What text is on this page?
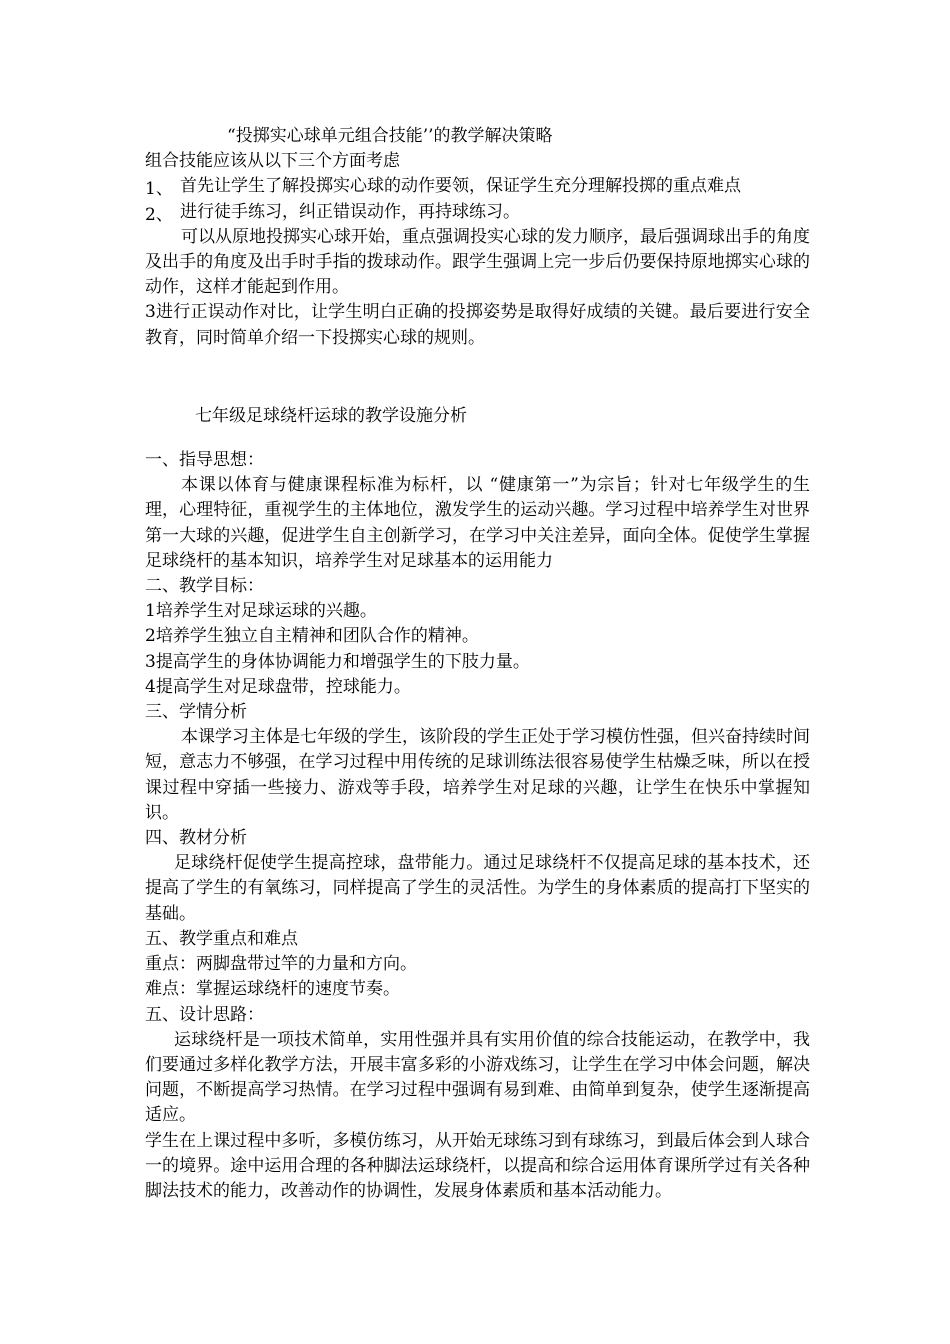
“投掷实心球单元组合技能’’的教学解决策略

组合技能应该从以下三个方面考虑

1、 首先让学生了解投掷实心球的动作要领，保证学生充分理解投掷的重点难点

2、 进行徒手练习，纠正错误动作，再持球练习。

可以从原地投掷实心球开始，重点强调投实心球的发力顺序，最后强调球出手的角度及出手的角度及出手时手指的拨球动作。跟学生强调上完一步后仍要保持原地掷实心球的动作，这样才能起到作用。

3进行正误动作对比，让学生明白正确的投掷姿势是取得好成绩的关键。最后要进行安全教育，同时简单介绍一下投掷实心球的规则。

七年级足球绕杆运球的教学设施分析

一、指导思想：

本课以体育与健康课程标准为标杆，以 “健康第一”为宗旨；针对七年级学生的生理，心理特征，重视学生的主体地位，激发学生的运动兴趣。学习过程中培养学生对世界第一大球的兴趣，促进学生自主创新学习，在学习中关注差异，面向全体。促使学生掌握足球绕杆的基本知识，培养学生对足球基本的运用能力

二、教学目标：

1培养学生对足球运球的兴趣。

2培养学生独立自主精神和团队合作的精神。

3提高学生的身体协调能力和增强学生的下肢力量。

4提高学生对足球盘带，控球能力。

三、学情分析

本课学习主体是七年级的学生，该阶段的学生正处于学习模仿性强，但兴奋持续时间短，意志力不够强，在学习过程中用传统的足球训练法很容易使学生枯燥乏味，所以在授课过程中穿插一些接力、游戏等手段，培养学生对足球的兴趣，让学生在快乐中掌握知识。

四、教材分析

足球绕杆促使学生提高控球，盘带能力。通过足球绕杆不仅提高足球的基本技术，还提高了学生的有氧练习，同样提高了学生的灵活性。为学生的身体素质的提高打下坚实的基础。

五、教学重点和难点

重点：两脚盘带过竿的力量和方向。

难点：掌握运球绕杆的速度节奏。

五、设计思路：

运球绕杆是一项技术简单，实用性强并具有实用价值的综合技能运动，在教学中，我们要通过多样化教学方法，开展丰富多彩的小游戏练习，让学生在学习中体会问题，解决问题，不断提高学习热情。在学习过程中强调有易到难、由简单到复杂，使学生逐渐提高适应。

学生在上课过程中多听，多模仿练习，从开始无球练习到有球练习，到最后体会到人球合一的境界。途中运用合理的各种脚法运球绕杆，以提高和综合运用体育课所学过有关各种脚法技术的能力，改善动作的协调性，发展身体素质和基本活动能力。
